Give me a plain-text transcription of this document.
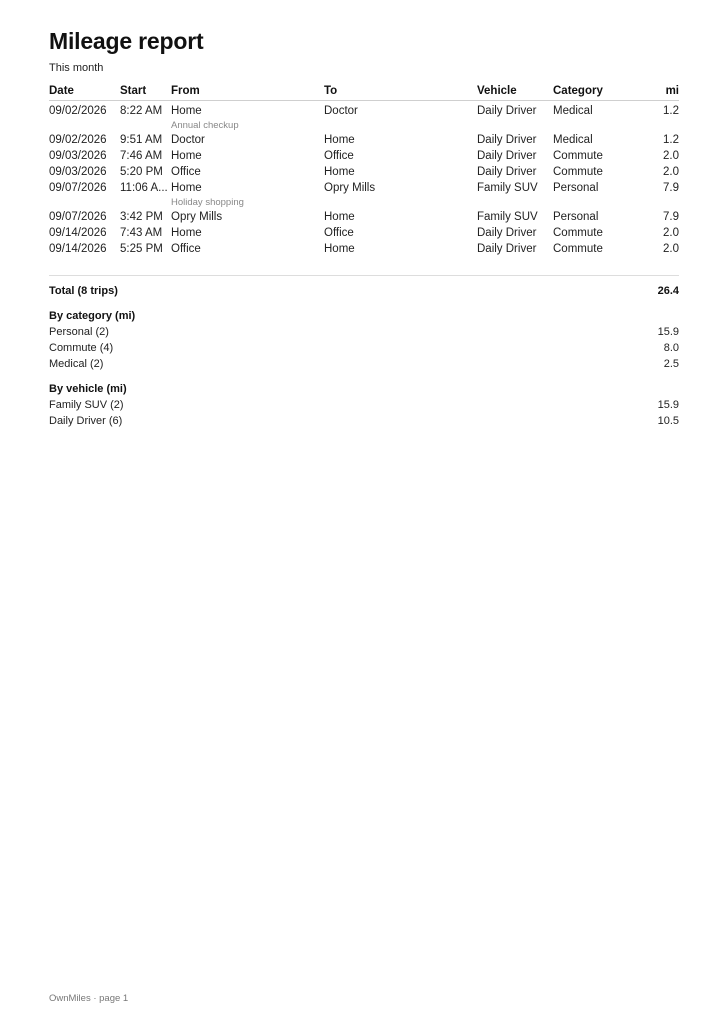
Mileage report
This month
Date	Start	From	To	Vehicle	Category	mi
09/02/2026	8:22 AM	Home	Doctor	Daily Driver	Medical	1.2
		Annual checkup				
09/02/2026	9:51 AM	Doctor	Home	Daily Driver	Medical	1.2
09/03/2026	7:46 AM	Home	Office	Daily Driver	Commute	2.0
09/03/2026	5:20 PM	Office	Home	Daily Driver	Commute	2.0
09/07/2026	11:06 A...	Home	Opry Mills	Family SUV	Personal	7.9
		Holiday shopping				
09/07/2026	3:42 PM	Opry Mills	Home	Family SUV	Personal	7.9
09/14/2026	7:43 AM	Home	Office	Daily Driver	Commute	2.0
09/14/2026	5:25 PM	Office	Home	Daily Driver	Commute	2.0
Total (8 trips)	26.4
By category (mi)
Personal (2)	15.9
Commute (4)	8.0
Medical (2)	2.5
By vehicle (mi)
Family SUV (2)	15.9
Daily Driver (6)	10.5
OwnMiles · page 1
